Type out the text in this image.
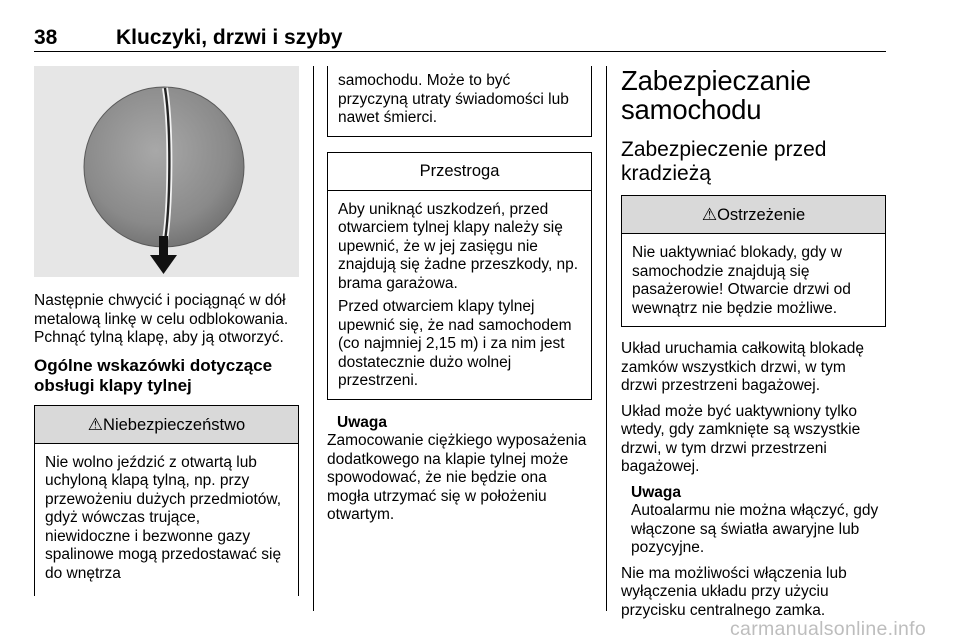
38	Kluczyki, drzwi i szyby

Następnie chwycić i pociągnąć w dół metalową linkę w celu odblokowania. Pchnąć tylną klapę, aby ją otworzyć.

Ogólne wskazówki dotyczące obsługi klapy tylnej
⚠Niebezpieczeństwo

Nie wolno jeździć z otwartą lub uchyloną klapą tylną, np. przy przewożeniu dużych przedmiotów, gdyż wówczas trujące, niewidoczne i bezwonne gazy spalinowe mogą przedostawać się do wnętrza

samochodu. Może to być przyczyną utraty świadomości lub nawet śmierci.

Przestroga

Aby uniknąć uszkodzeń, przed otwarciem tylnej klapy należy się upewnić, że w jej zasięgu nie znajdują się żadne przeszkody, np. brama garażowa.

Przed otwarciem klapy tylnej upewnić się, że nad samochodem (co najmniej 2,15 m) i za nim jest dostatecznie dużo wolnej przestrzeni.

Uwaga

Zamocowanie ciężkiego wyposażenia dodatkowego na klapie tylnej może spowodować, że nie będzie ona mogła utrzymać się w położeniu otwartym.

Zabezpieczanie samochodu
Zabezpieczenie przed kradzieżą
⚠Ostrzeżenie

Nie uaktywniać blokady, gdy w samochodzie znajdują się pasażerowie! Otwarcie drzwi od wewnątrz nie będzie możliwe.

Układ uruchamia całkowitą blokadę zamków wszystkich drzwi, w tym drzwi przestrzeni bagażowej.

Układ może być uaktywniony tylko wtedy, gdy zamknięte są wszystkie drzwi, w tym drzwi przestrzeni bagażowej.

Uwaga
Autoalarmu nie można włączyć, gdy włączone są światła awaryjne lub pozycyjne.

Nie ma możliwości włączenia lub wyłączenia układu przy użyciu przycisku centralnego zamka.

carmanualsonline.info
